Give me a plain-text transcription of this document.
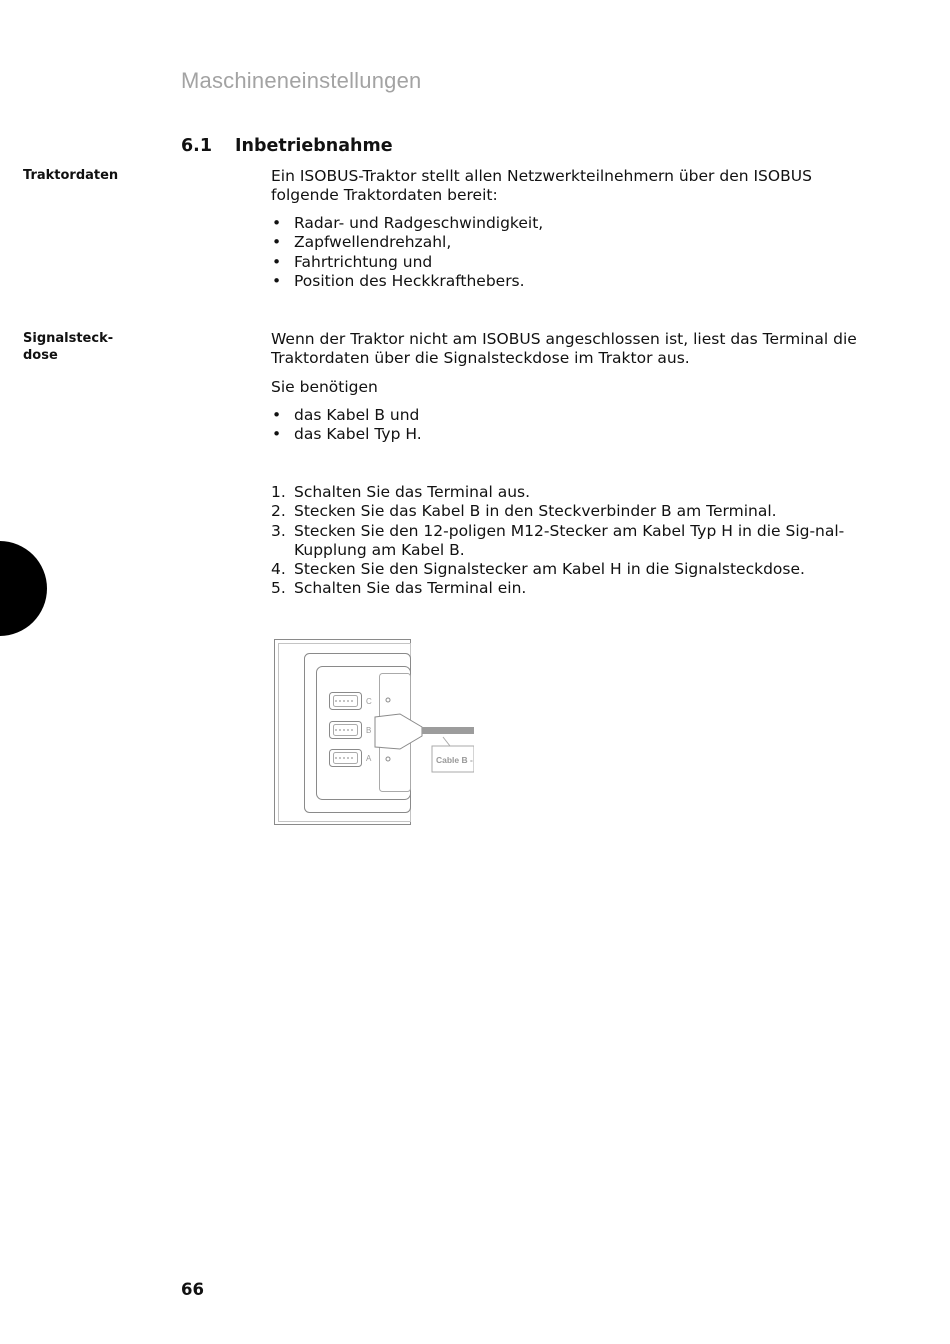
Maschineneinstellungen
6.1 Inbetriebnahme
Traktordaten	Ein ISOBUS-Traktor stellt allen Netzwerkteilnehmern über den ISOBUS folgende Traktordaten bereit:

• Radar- und Radgeschwindigkeit,
• Zapfwellendrehzahl,
• Fahrtrichtung und
• Position des Heckkrafthebers.
Signalsteck-
dose

Wenn der Traktor nicht am ISOBUS angeschlossen ist, liest das Terminal die Traktordaten über die Signalsteckdose im Traktor aus.

Sie benötigen

• das Kabel B und
• das Kabel Typ H.
1. Schalten Sie das Terminal aus.
2. Stecken Sie das Kabel B in den Steckverbinder B am Terminal.
3. Stecken Sie den 12-poligen M12-Stecker am Kabel Typ H in die Sig-nal-Kupplung am Kabel B.
4. Stecken Sie den Signalstecker am Kabel H in die Signalsteckdose.
5. Schalten Sie das Terminal ein.
C
B
A	Cable B -
66
